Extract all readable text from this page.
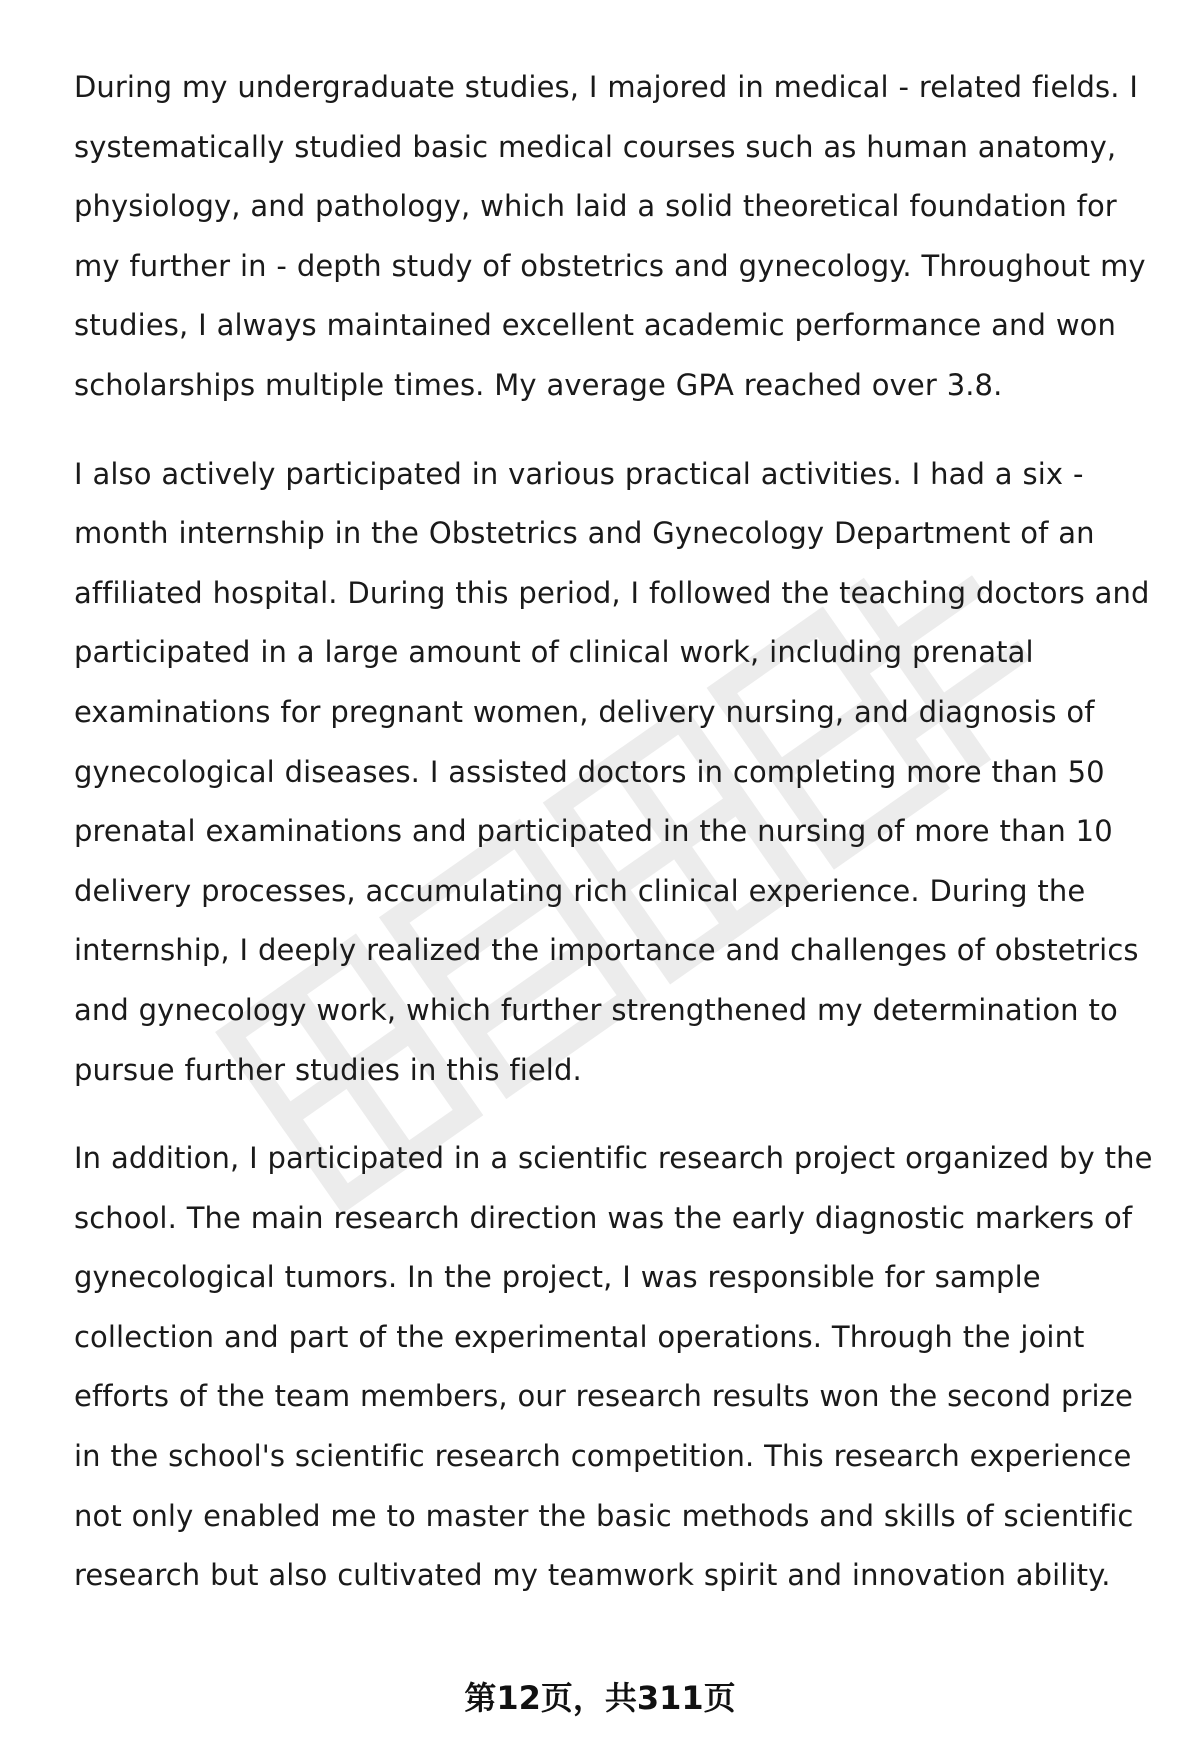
During my undergraduate studies, I majored in medical - related fields. I systematically studied basic medical courses such as human anatomy, physiology, and pathology, which laid a solid theoretical foundation for my further in - depth study of obstetrics and gynecology. Throughout my studies, I always maintained excellent academic performance and won scholarships multiple times. My average GPA reached over 3.8.

I also actively participated in various practical activities. I had a six - month internship in the Obstetrics and Gynecology Department of an affiliated hospital. During this period, I followed the teaching doctors and participated in a large amount of clinical work, including prenatal examinations for pregnant women, delivery nursing, and diagnosis of gynecological diseases. I assisted doctors in completing more than 50 prenatal examinations and participated in the nursing of more than 10 delivery processes, accumulating rich clinical experience. During the internship, I deeply realized the importance and challenges of obstetrics and gynecology work, which further strengthened my determination to pursue further studies in this field.

In addition, I participated in a scientific research project organized by the school. The main research direction was the early diagnostic markers of gynecological tumors. In the project, I was responsible for sample collection and part of the experimental operations. Through the joint efforts of the team members, our research results won the second prize in the school's scientific research competition. This research experience not only enabled me to master the basic methods and skills of scientific research but also cultivated my teamwork spirit and innovation ability.

第12页，共311页
